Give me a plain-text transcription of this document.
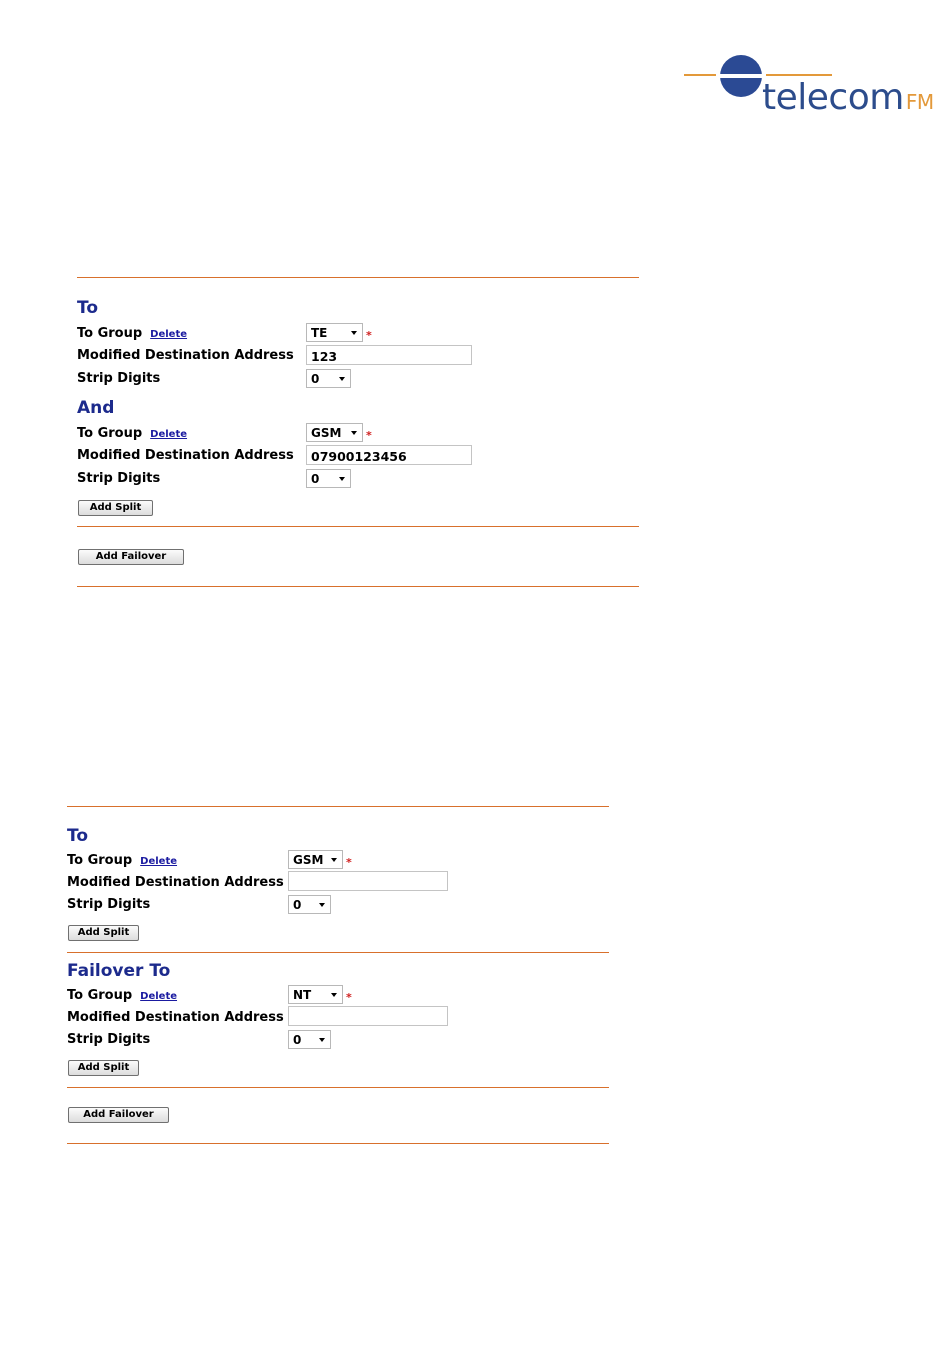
telecom FM
To
To Group Delete	TE	*
Modified Destination Address	123
Strip Digits	0
And
To Group Delete	GSM	*
Modified Destination Address	07900123456
Strip Digits	0
Add Split
Add Failover
To
To Group Delete	GSM	*
Modified Destination Address
Strip Digits	0
Add Split
Failover To
To Group Delete	NT	*
Modified Destination Address
Strip Digits	0
Add Split
Add Failover
